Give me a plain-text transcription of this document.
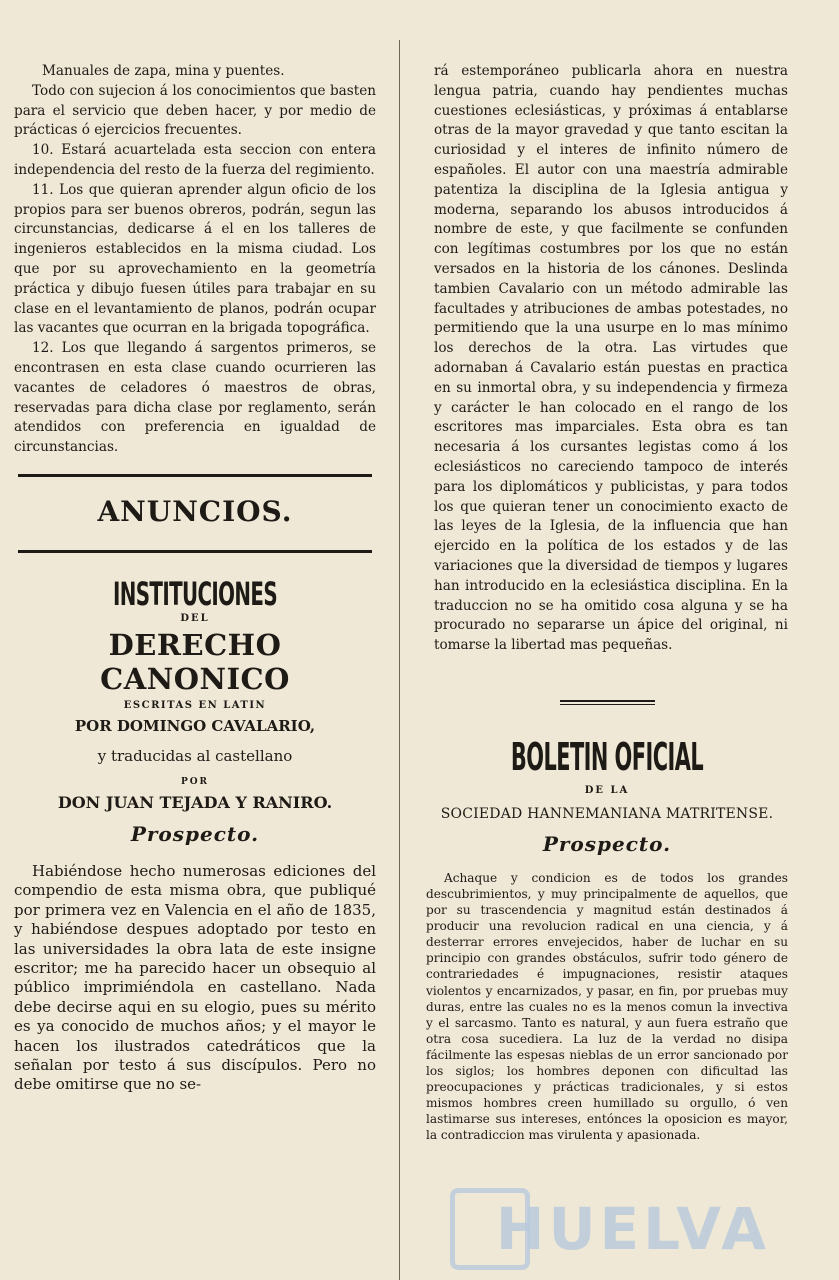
Manuales de zapa, mina y puentes.

Todo con sujecion á los conocimientos que basten para el servicio que deben hacer, y por medio de prácticas ó ejercicios frecuentes.

10. Estará acuartelada esta seccion con entera independencia del resto de la fuerza del regimiento.

11. Los que quieran aprender algun oficio de los propios para ser buenos obreros, podrán, segun las circunstancias, dedicarse á el en los talleres de ingenieros establecidos en la misma ciudad. Los que por su aprovechamiento en la geometría práctica y dibujo fuesen útiles para trabajar en su clase en el levantamiento de planos, podrán ocupar las vacantes que ocurran en la brigada topográfica.

12. Los que llegando á sargentos primeros, se encontrasen en esta clase cuando ocurrieren las vacantes de celadores ó maestros de obras, reservadas para dicha clase por reglamento, serán atendidos con preferencia en igualdad de circunstancias.

ANUNCIOS.
INSTITUCIONES
DEL
DERECHO CANONICO
ESCRITAS EN LATIN
POR DOMINGO CAVALARIO,
y traducidas al castellano
POR
DON JUAN TEJADA Y RANIRO.
Prospecto.

Habiéndose hecho numerosas ediciones del compendio de esta misma obra, que publiqué por primera vez en Valencia en el año de 1835, y habiéndose despues adoptado por testo en las universidades la obra lata de este insigne escritor; me ha parecido hacer un obsequio al público imprimiéndola en castellano. Nada debe decirse aqui en su elogio, pues su mérito es ya conocido de muchos años; y el mayor le hacen los ilustrados catedráticos que la señalan por testo á sus discípulos. Pero no debe omitirse que no se-

rá estemporáneo publicarla ahora en nuestra lengua patria, cuando hay pendientes muchas cuestiones eclesiásticas, y próximas á entablarse otras de la mayor gravedad y que tanto escitan la curiosidad y el interes de infinito número de españoles. El autor con una maestría admirable patentiza la disciplina de la Iglesia antigua y moderna, separando los abusos introducidos á nombre de este, y que facilmente se confunden con legítimas costumbres por los que no están versados en la historia de los cánones. Deslinda tambien Cavalario con un método admirable las facultades y atribuciones de ambas potestades, no permitiendo que la una usurpe en lo mas mínimo los derechos de la otra. Las virtudes que adornaban á Cavalario están puestas en practica en su inmortal obra, y su independencia y firmeza y carácter le han colocado en el rango de los escritores mas imparciales. Esta obra es tan necesaria á los cursantes legistas como á los eclesiásticos no careciendo tampoco de interés para los diplomáticos y publicistas, y para todos los que quieran tener un conocimiento exacto de las leyes de la Iglesia, de la influencia que han ejercido en la política de los estados y de las variaciones que la diversidad de tiempos y lugares han introducido en la eclesiástica disciplina. En la traduccion no se ha omitido cosa alguna y se ha procurado no separarse un ápice del original, ni tomarse la libertad mas pequeñas.

BOLETIN OFICIAL
DE LA
SOCIEDAD HANNEMANIANA MATRITENSE.
Prospecto.

Achaque y condicion es de todos los grandes descubrimientos, y muy principalmente de aquellos, que por su trascendencia y magnitud están destinados á producir una revolucion radical en una ciencia, y á desterrar errores envejecidos, haber de luchar en su principio con grandes obstáculos, sufrir todo género de contrariedades é impugnaciones, resistir ataques violentos y encarnizados, y pasar, en fin, por pruebas muy duras, entre las cuales no es la menos comun la invectiva y el sarcasmo. Tanto es natural, y aun fuera estraño que otra cosa sucediera. La luz de la verdad no disipa fácilmente las espesas nieblas de un error sancionado por los siglos; los hombres deponen con dificultad las preocupaciones y prácticas tradicionales, y si estos mismos hombres creen humillado su orgullo, ó ven lastimarse sus intereses, entónces la oposicion es mayor, la contradiccion mas virulenta y apasionada.

HUELVA
